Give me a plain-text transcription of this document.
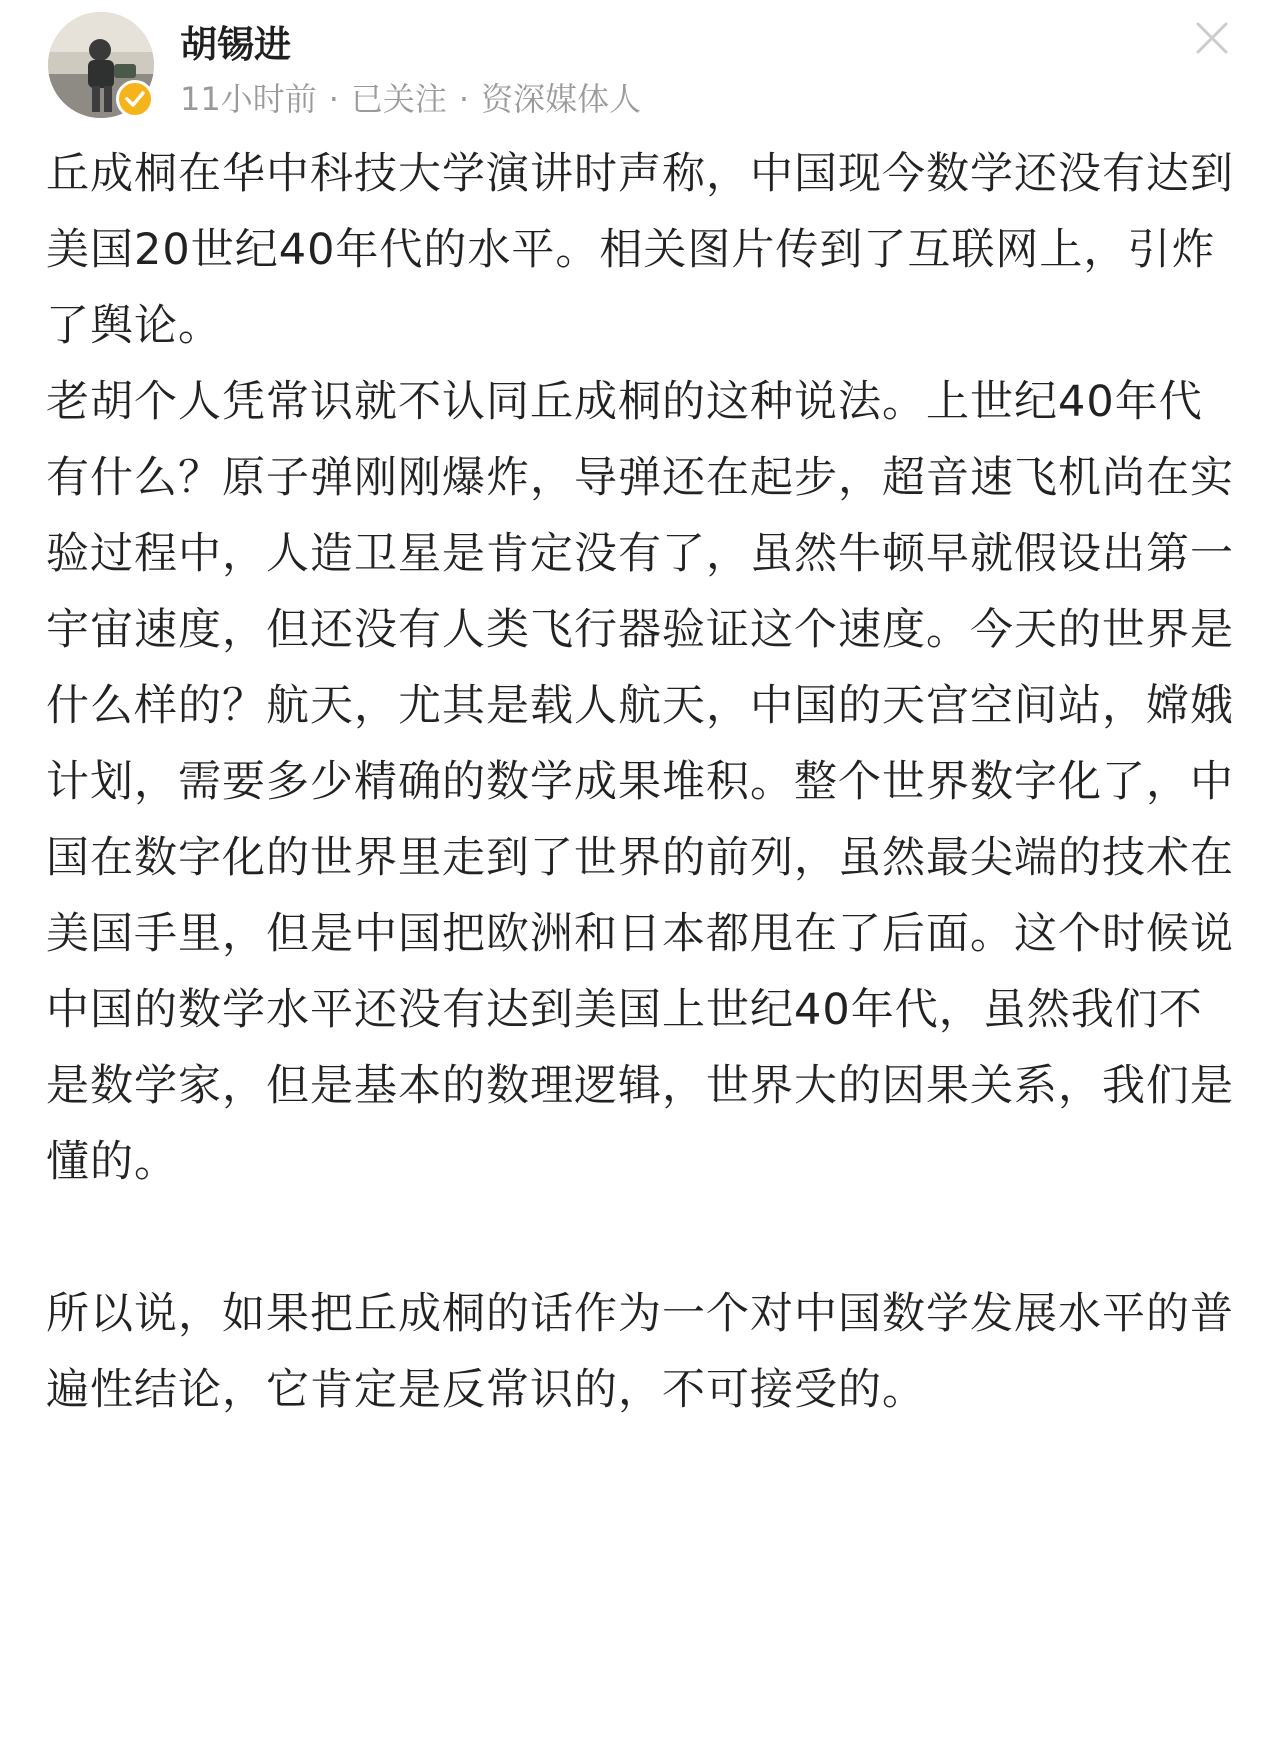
胡锡进
11小时前 · 已关注 · 资深媒体人

丘成桐在华中科技大学演讲时声称，中国现今数学还没有达到美国20世纪40年代的水平。相关图片传到了互联网上，引炸了舆论。

老胡个人凭常识就不认同丘成桐的这种说法。上世纪40年代有什么？原子弹刚刚爆炸，导弹还在起步，超音速飞机尚在实验过程中，人造卫星是肯定没有了，虽然牛顿早就假设出第一宇宙速度，但还没有人类飞行器验证这个速度。今天的世界是什么样的？航天，尤其是载人航天，中国的天宫空间站，嫦娥计划，需要多少精确的数学成果堆积。整个世界数字化了，中国在数字化的世界里走到了世界的前列，虽然最尖端的技术在美国手里，但是中国把欧洲和日本都甩在了后面。这个时候说中国的数学水平还没有达到美国上世纪40年代，虽然我们不是数学家，但是基本的数理逻辑，世界大的因果关系，我们是懂的。

所以说，如果把丘成桐的话作为一个对中国数学发展水平的普遍性结论，它肯定是反常识的，不可接受的。
